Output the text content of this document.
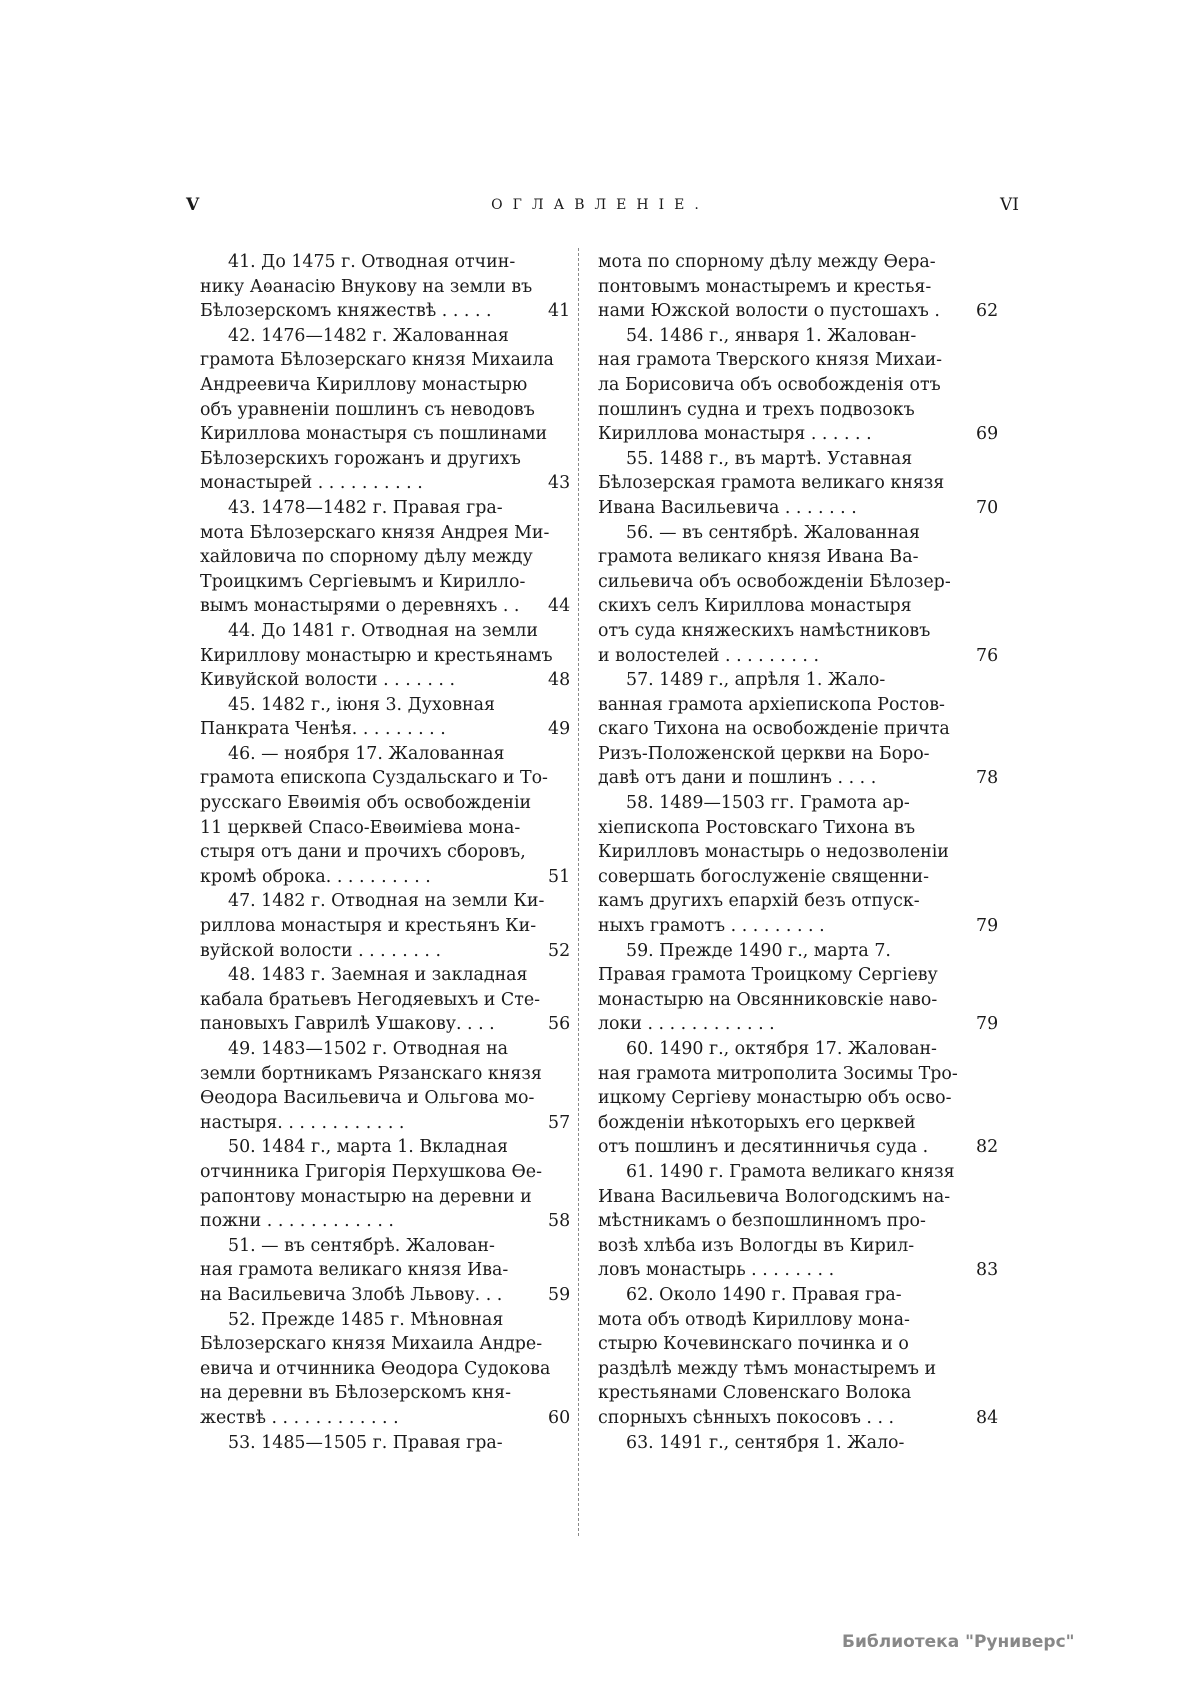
V	ОГЛАВЛЕНІЕ.	VI
41. До 1475 г. Отводная отчин-
нику Аѳанасію Внукову на земли въ
Бѣлозерскомъ княжествѣ . . . . .
42. 1476—1482 г. Жалованная
грамота Бѣлозерскаго князя Михаила
Андреевича Кириллову монастырю
объ уравненіи пошлинъ съ неводовъ
Кириллова монастыря съ пошлинами
Бѣлозерскихъ горожанъ и другихъ
монастырей . . . . . . . . . .
43. 1478—1482 г. Правая гра-
мота Бѣлозерскаго князя Андрея Ми-
хайловича по спорному дѣлу между
Троицкимъ Сергіевымъ и Кирилло-
вымъ монастырями о деревняхъ . .
44. До 1481 г. Отводная на земли
Кириллову монастырю и крестьянамъ
Кивуйской волости . . . . . . .
45. 1482 г., іюня 3. Духовная
Панкрата Ченѣя. . . . . . . . .
46. — ноября 17. Жалованная
грамота епископа Суздальскаго и То-
русскаго Евѳимія объ освобожденіи
11 церквей Спасо-Евѳиміева мона-
стыря отъ дани и прочихъ сборовъ,
кромѣ оброка. . . . . . . . . .
47. 1482 г. Отводная на земли Ки-
риллова монастыря и крестьянъ Ки-
вуйской волости . . . . . . . .
48. 1483 г. Заемная и закладная
кабала братьевъ Негодяевыхъ и Сте-
пановыхъ Гаврилѣ Ушакову. . . .
49. 1483—1502 г. Отводная на
земли бортникамъ Рязанскаго князя
Ѳеодора Васильевича и Ольгова мо-
настыря. . . . . . . . . . . .
50. 1484 г., марта 1. Вкладная
отчинника Григорія Перхушкова Ѳе-
рапонтову монастырю на деревни и
пожни . . . . . . . . . . . .
51. — въ сентябрѣ. Жалован-
ная грамота великаго князя Ива-
на Васильевича Злобѣ Львову. . .
52. Прежде 1485 г. Мѣновная
Бѣлозерскаго князя Михаила Андре-
евича и отчинника Ѳеодора Судокова
на деревни въ Бѣлозерскомъ кня-
жествѣ . . . . . . . . . . . .
53. 1485—1505 г. Правая гра-
41
43
44
48
49
51
52
56
57
58
59
60
мота по спорному дѣлу между Ѳера-
понтовымъ монастыремъ и крестья-
нами Южской волости о пустошахъ .
54. 1486 г., января 1. Жалован-
ная грамота Тверского князя Михаи-
ла Борисовича объ освобожденія отъ
пошлинъ судна и трехъ подвозокъ
Кириллова монастыря . . . . . .
55. 1488 г., въ мартѣ. Уставная
Бѣлозерская грамота великаго князя
Ивана Васильевича . . . . . . .
56. — въ сентябрѣ. Жалованная
грамота великаго князя Ивана Ва-
сильевича объ освобожденіи Бѣлозер-
скихъ селъ Кириллова монастыря
отъ суда княжескихъ намѣстниковъ
и волостелей . . . . . . . . .
57. 1489 г., апрѣля 1. Жало-
ванная грамота архіепископа Ростов-
скаго Тихона на освобожденіе причта
Ризъ-Положенской церкви на Боро-
давѣ отъ дани и пошлинъ . . . .
58. 1489—1503 гг. Грамота ар-
хіепископа Ростовскаго Тихона въ
Кирилловъ монастырь о недозволеніи
совершать богослуженіе священни-
камъ другихъ епархій безъ отпуск-
ныхъ грамотъ . . . . . . . . .
59. Прежде 1490 г., марта 7.
Правая грамота Троицкому Сергіеву
монастырю на Овсянниковскіе наво-
локи . . . . . . . . . . . .
60. 1490 г., октября 17. Жалован-
ная грамота митрополита Зосимы Тро-
ицкому Сергіеву монастырю объ осво-
божденіи нѣкоторыхъ его церквей
отъ пошлинъ и десятинничья суда .
61. 1490 г. Грамота великаго князя
Ивана Васильевича Вологодскимъ на-
мѣстникамъ о безпошлинномъ про-
возѣ хлѣба изъ Вологды въ Кирил-
ловъ монастырь . . . . . . . .
62. Около 1490 г. Правая гра-
мота объ отводѣ Кириллову мона-
стырю Кочевинскаго починка и о
раздѣлѣ между тѣмъ монастыремъ и
крестьянами Словенскаго Волока
спорныхъ сѣнныхъ покосовъ . . .
63. 1491 г., сентября 1. Жало-
62
69
70
76
78
79
79
82
83
84
Библиотека "Руниверс"
